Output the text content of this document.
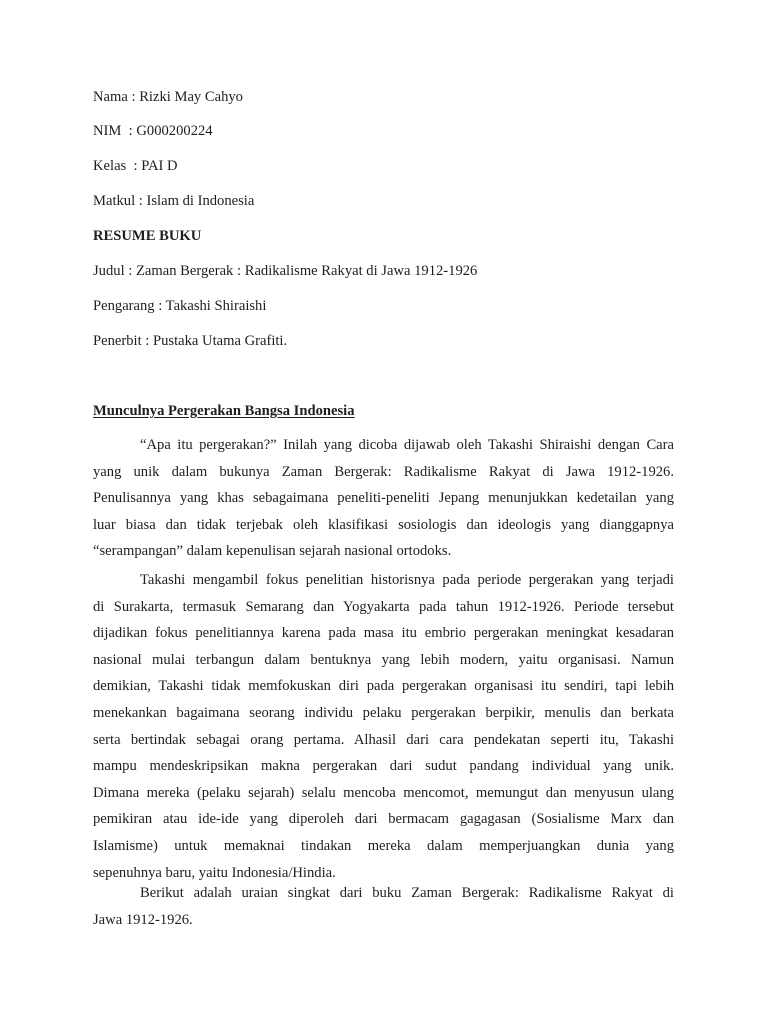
Nama : Rizki May Cahyo
NIM  : G000200224
Kelas  : PAI D
Matkul : Islam di Indonesia
RESUME BUKU
Judul : Zaman Bergerak : Radikalisme Rakyat di Jawa 1912-1926
Pengarang : Takashi Shiraishi
Penerbit : Pustaka Utama Grafiti.
Munculnya Pergerakan Bangsa Indonesia
“Apa itu pergerakan?” Inilah yang dicoba dijawab oleh Takashi Shiraishi dengan Cara
yang unik dalam bukunya Zaman Bergerak: Radikalisme Rakyat di Jawa 1912-1926.
Penulisannya yang khas sebagaimana peneliti-peneliti Jepang menunjukkan kedetailan yang
luar biasa dan tidak terjebak oleh klasifikasi sosiologis dan ideologis yang dianggapnya
“serampangan” dalam kepenulisan sejarah nasional ortodoks.
Takashi mengambil fokus penelitian historisnya pada periode pergerakan yang terjadi
di Surakarta, termasuk Semarang dan Yogyakarta pada tahun 1912-1926. Periode tersebut
dijadikan fokus penelitiannya karena pada masa itu embrio pergerakan meningkat kesadaran
nasional mulai terbangun dalam bentuknya yang lebih modern, yaitu organisasi. Namun
demikian, Takashi tidak memfokuskan diri pada pergerakan organisasi itu sendiri, tapi lebih
menekankan bagaimana seorang individu pelaku pergerakan berpikir, menulis dan berkata
serta bertindak sebagai orang pertama. Alhasil dari cara pendekatan seperti itu, Takashi
mampu mendeskripsikan makna pergerakan dari sudut pandang individual yang unik.
Dimana mereka (pelaku sejarah) selalu mencoba mencomot, memungut dan menyusun ulang
pemikiran atau ide-ide yang diperoleh dari bermacam gagagasan (Sosialisme Marx dan
Islamisme) untuk memaknai tindakan mereka dalam memperjuangkan dunia yang
sepenuhnya baru, yaitu Indonesia/Hindia.
Berikut adalah uraian singkat dari buku Zaman Bergerak: Radikalisme Rakyat di
Jawa 1912-1926.
